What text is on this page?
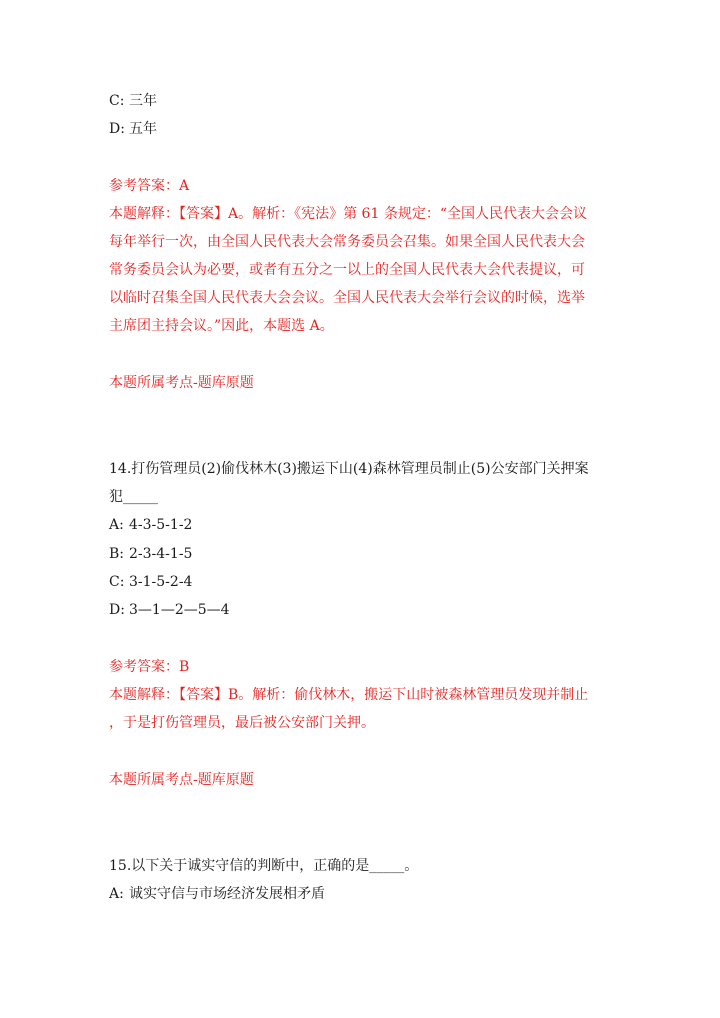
C: 三年
D: 五年
参考答案：A
本题解释：【答案】A。解析：《宪法》第 61 条规定：“全国人民代表大会会议
每年举行一次，由全国人民代表大会常务委员会召集。如果全国人民代表大会
常务委员会认为必要，或者有五分之一以上的全国人民代表大会代表提议，可
以临时召集全国人民代表大会会议。全国人民代表大会举行会议的时候，选举
主席团主持会议。”因此，本题选 A。
本题所属考点-题库原题
14.打伤管理员(2)偷伐林木(3)搬运下山(4)森林管理员制止(5)公安部门关押案
犯_____
A: 4-3-5-1-2
B: 2-3-4-1-5
C: 3-1-5-2-4
D: 3—1—2—5—4
参考答案：B
本题解释：【答案】B。解析：偷伐林木，搬运下山时被森林管理员发现并制止
，于是打伤管理员，最后被公安部门关押。
本题所属考点-题库原题
15.以下关于诚实守信的判断中，正确的是_____。
A: 诚实守信与市场经济发展相矛盾
